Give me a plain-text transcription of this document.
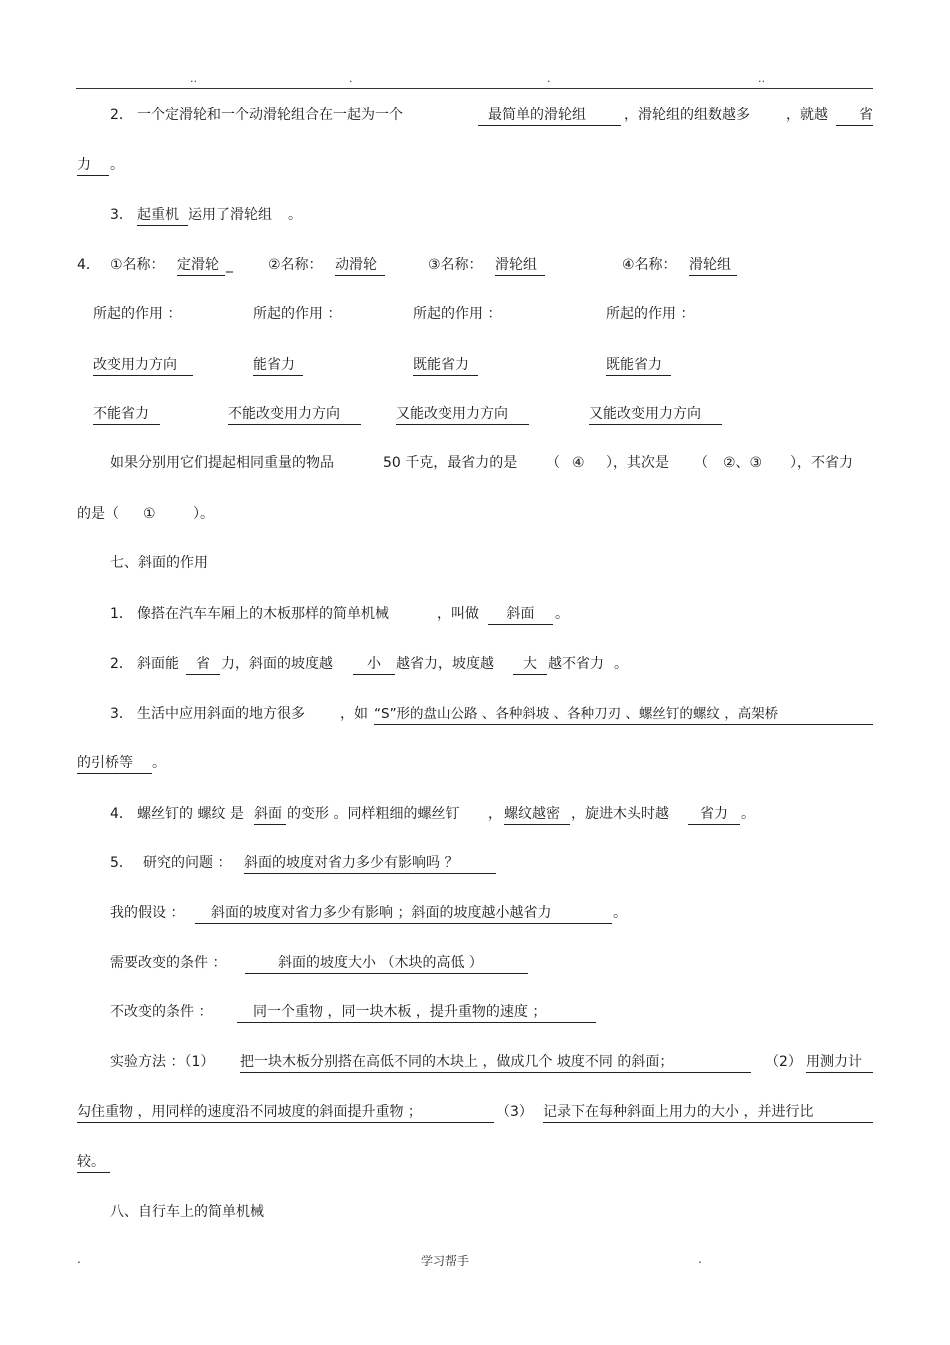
..	.	.	..
2． 一个定滑轮和一个动滑轮组合在一起为一个	最简单的滑轮组	，滑轮组的组数越多	，就越	省
力	。
3． 起重机 运用了滑轮组 。
4． ①名称： 定滑轮 _	②名称： 动滑轮	③名称： 滑轮组	④名称： 滑轮组
所起的作用 ：	所起的作用 ：	所起的作用 ：	所起的作用 ：
改变用力方向	能省力	既能省力	既能省力
不能省力	不能改变用力方向	又能改变用力方向	又能改变用力方向
如果分别用它们提起相同重量的物品	50 千克，最省力的是 （ ④ ），其次是 （ ②、③ ），不省力
的是（ ①	）。
七、斜面的作用
1． 像搭在汽车车厢上的木板那样的简单机械	，叫做	斜面	。
2． 斜面能	省 力，斜面的坡度越	小	越省力，坡度越	大 越不省力 。
3． 生活中应用斜面的地方很多	，如 “S”形的盘山公路 、各种斜坡 、各种刀刃 、螺丝钉的螺纹 ，高架桥
的引桥等	。
4． 螺丝钉的 螺纹 是 斜面 的变形 。同样粗细的螺丝钉 ， 螺纹越密 ，旋进木头时越	省力 。
5． 研究的问题 ： 斜面的坡度对省力多少有影响吗 ？
我的假设 ：	斜面的坡度对省力多少有影响 ；斜面的坡度越小越省力	。
需要改变的条件 ：	斜面的坡度大小 （木块的高低 ）
不改变的条件 ：	同一个重物 ，同一块木板 ，提升重物的速度 ；
实验方法 ：（1） 把一块木板分别搭在高低不同的木块上 ，做成几个 坡度不同 的斜面；	（2） 用测力计
勾住重物 ，用同样的速度沿不同坡度的斜面提升重物 ；	（3） 记录下在每种斜面上用力的大小 ，并进行比
较。
八、自行车上的简单机械
.	学习帮手	.
